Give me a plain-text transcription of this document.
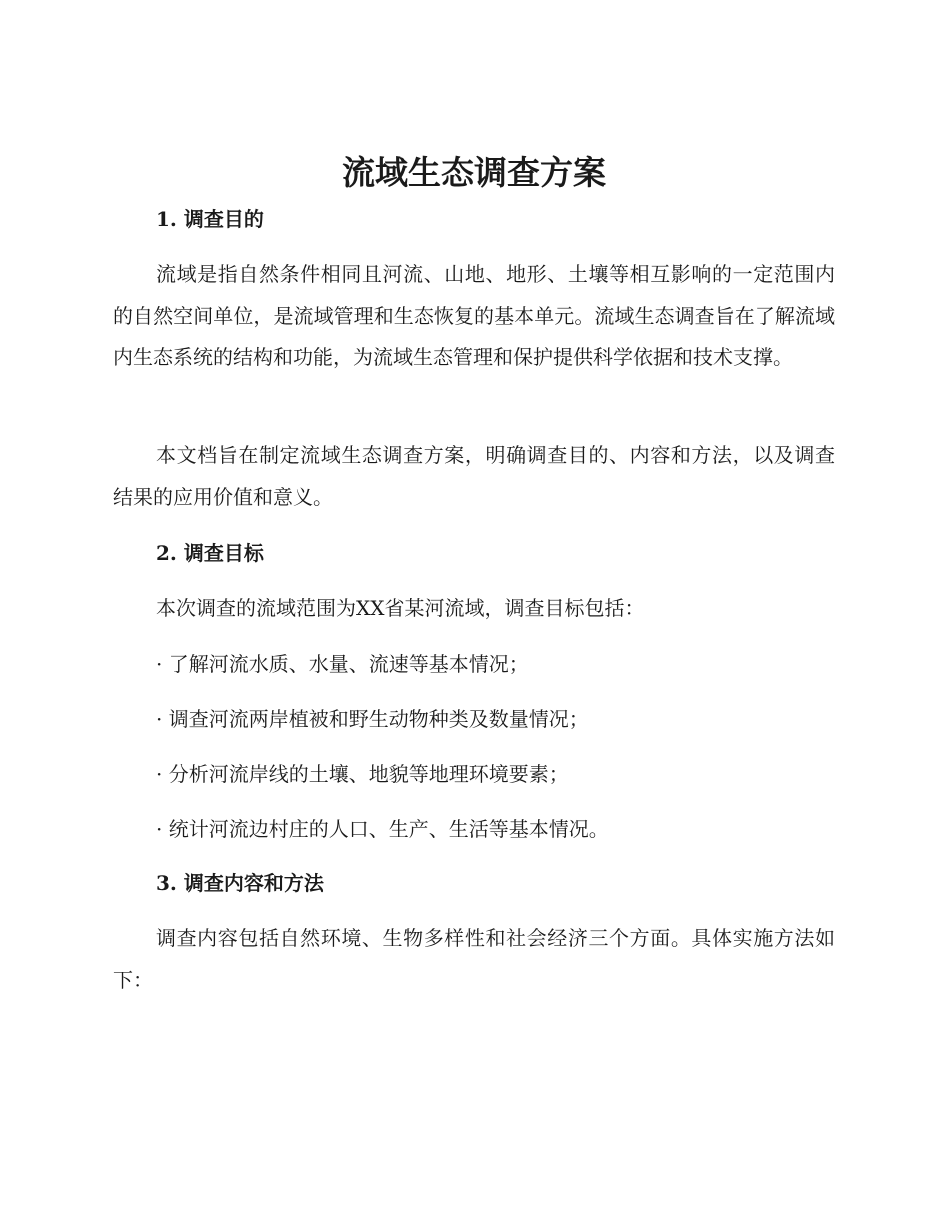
流域生态调查方案
1. 调查目的

流域是指自然条件相同且河流、山地、地形、土壤等相互影响的一定范围内的自然空间单位，是流域管理和生态恢复的基本单元。流域生态调查旨在了解流域内生态系统的结构和功能，为流域生态管理和保护提供科学依据和技术支撑。

本文档旨在制定流域生态调查方案，明确调查目的、内容和方法，以及调查结果的应用价值和意义。

2. 调查目标

本次调查的流域范围为XX省某河流域，调查目标包括：

· 了解河流水质、水量、流速等基本情况；

· 调查河流两岸植被和野生动物种类及数量情况；

· 分析河流岸线的土壤、地貌等地理环境要素；

· 统计河流边村庄的人口、生产、生活等基本情况。

3. 调查内容和方法

调查内容包括自然环境、生物多样性和社会经济三个方面。具体实施方法如下：
